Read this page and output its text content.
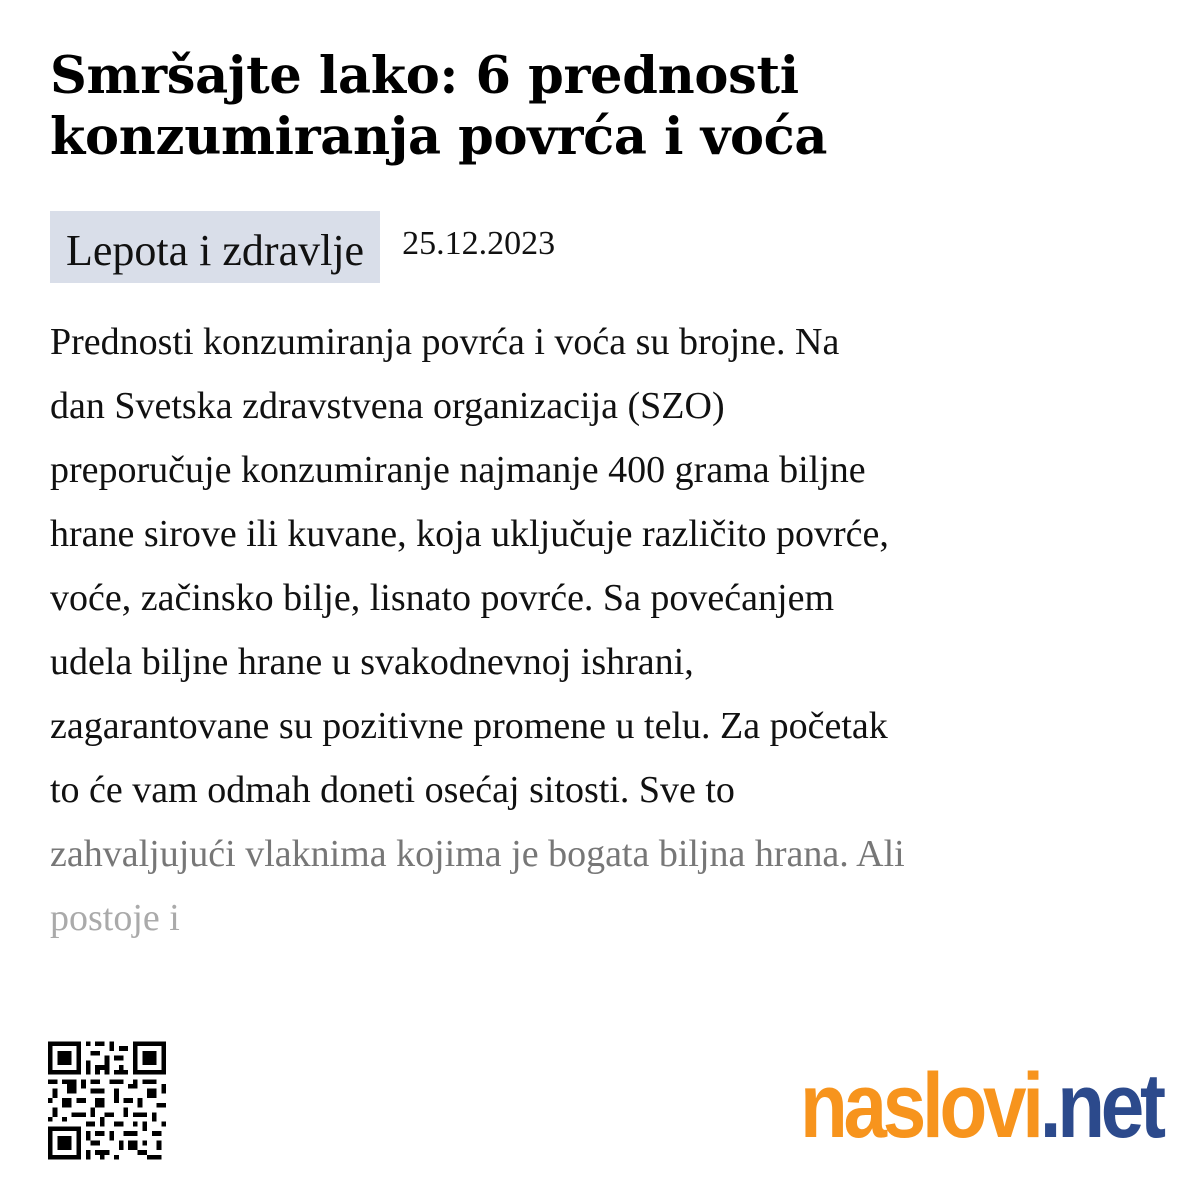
Smršajte lako: 6 prednosti konzumiranja povrća i voća
Lepota i zdravlje	25.12.2023
Prednosti konzumiranja povrća i voća su brojne. Na
dan Svetska zdravstvena organizacija (SZO)
preporučuje konzumiranje najmanje 400 grama biljne
hrane sirove ili kuvane, koja uključuje različito povrće,
voće, začinsko bilje, lisnato povrće. Sa povećanjem
udela biljne hrane u svakodnevnoj ishrani,
zagarantovane su pozitivne promene u telu. Za početak
to će vam odmah doneti osećaj sitosti. Sve to
zahvaljujući vlaknima kojima je bogata biljna hrana. Ali
postoje i
naslovi.net
